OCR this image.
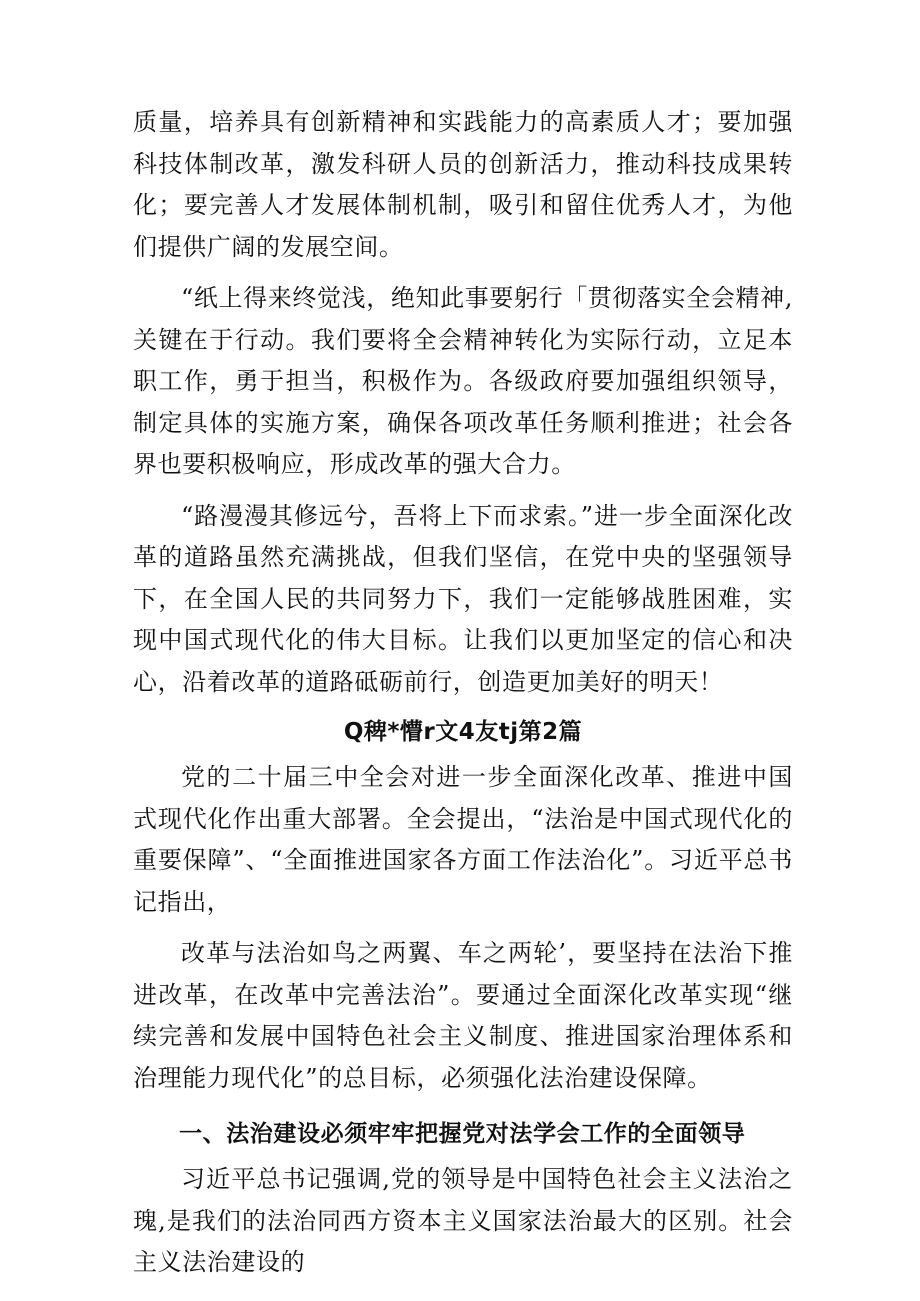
质量，培养具有创新精神和实践能力的高素质人才；要加强科技体制改革，激发科研人员的创新活力，推动科技成果转化；要完善人才发展体制机制，吸引和留住优秀人才，为他们提供广阔的发展空间。

“纸上得来终觉浅，绝知此事要躬行「贯彻落实全会精神,关键在于行动。我们要将全会精神转化为实际行动，立足本职工作，勇于担当，积极作为。各级政府要加强组织领导，制定具体的实施方案，确保各项改革任务顺利推进；社会各界也要积极响应，形成改革的强大合力。

“路漫漫其修远兮，吾将上下而求索。”进一步全面深化改革的道路虽然充满挑战，但我们坚信，在党中央的坚强领导下，在全国人民的共同努力下，我们一定能够战胜困难，实现中国式现代化的伟大目标。让我们以更加坚定的信心和决心，沿着改革的道路砥砺前行，创造更加美好的明天！

Q稗*懵r文4友tj第2篇

党的二十届三中全会对进一步全面深化改革、推进中国式现代化作出重大部署。全会提出，“法治是中国式现代化的重要保障”、“全面推进国家各方面工作法治化”。习近平总书记指出，

改革与法治如鸟之两翼、车之两轮’，要坚持在法治下推进改革，在改革中完善法治”。要通过全面深化改革实现“继续完善和发展中国特色社会主义制度、推进国家治理体系和治理能力现代化”的总目标，必须强化法治建设保障。

一、法治建设必须牢牢把握党对法学会工作的全面领导

习近平总书记强调,党的领导是中国特色社会主义法治之瑰,是我们的法治同西方资本主义国家法治最大的区别。社会主义法治建设的
